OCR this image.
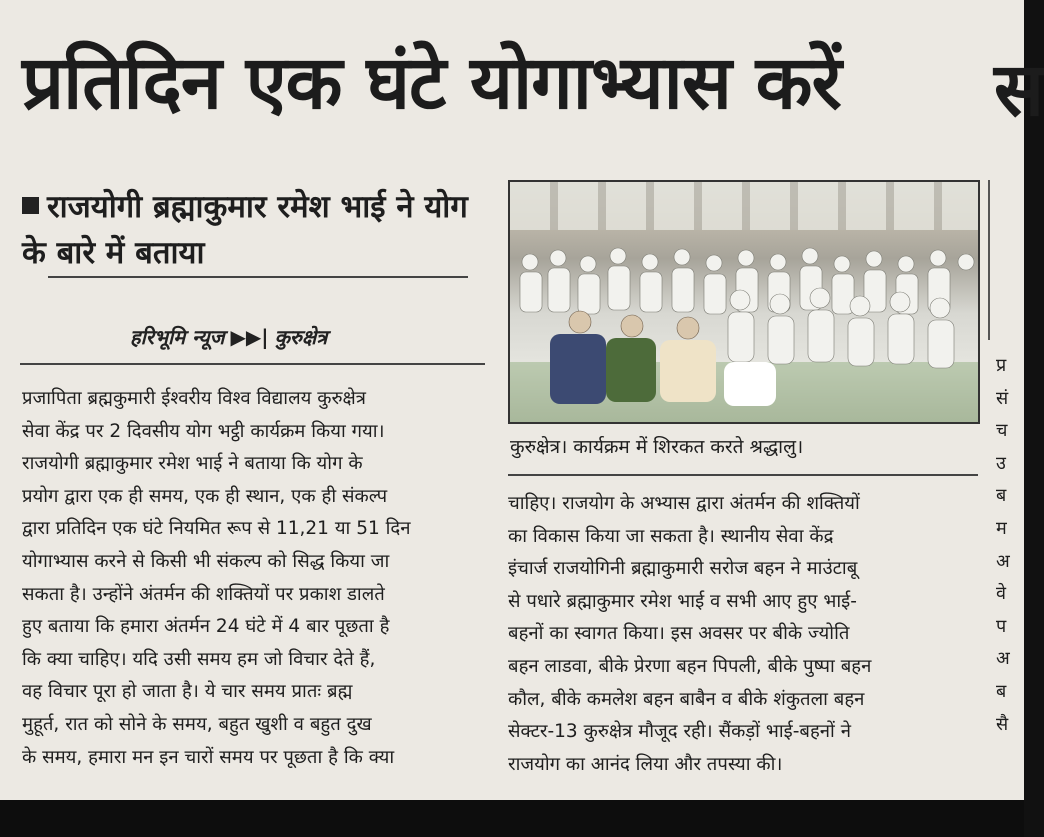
प्रतिदिन एक घंटे योगाभ्यास करें	स
राजयोगी ब्रह्माकुमार रमेश भाई ने योग के बारे में बताया
हरिभूमि न्यूज ▶▶| कुरुक्षेत्र
प्रजापिता ब्रह्मकुमारी ईश्वरीय विश्व विद्यालय कुरुक्षेत्र
सेवा केंद्र पर 2 दिवसीय योग भट्ठी कार्यक्रम किया गया।
राजयोगी ब्रह्माकुमार रमेश भाई ने बताया कि योग के
प्रयोग द्वारा एक ही समय, एक ही स्थान, एक ही संकल्प
द्वारा प्रतिदिन एक घंटे नियमित रूप से 11,21 या 51 दिन
योगाभ्यास करने से किसी भी संकल्प को सिद्ध किया जा
सकता है। उन्होंने अंतर्मन की शक्तियों पर प्रकाश डालते
हुए बताया कि हमारा अंतर्मन 24 घंटे में 4 बार पूछता है
कि क्या चाहिए। यदि उसी समय हम जो विचार देते हैं,
वह विचार पूरा हो जाता है। ये चार समय प्रातः ब्रह्म
मुहूर्त, रात को सोने के समय, बहुत खुशी व बहुत दुख
के समय, हमारा मन इन चारों समय पर पूछता है कि क्या
कुरुक्षेत्र। कार्यक्रम में शिरकत करते श्रद्धालु।
चाहिए। राजयोग के अभ्यास द्वारा अंतर्मन की शक्तियों
का विकास किया जा सकता है। स्थानीय सेवा केंद्र
इंचार्ज राजयोगिनी ब्रह्माकुमारी सरोज बहन ने माउंटाबू
से पधारे ब्रह्माकुमार रमेश भाई व सभी आए हुए भाई-
बहनों का स्वागत किया। इस अवसर पर बीके ज्योति
बहन लाडवा, बीके प्रेरणा बहन पिपली, बीके पुष्पा बहन
कौल, बीके कमलेश बहन बाबैन व बीके शंकुतला बहन
सेक्टर-13 कुरुक्षेत्र मौजूद रही। सैंकड़ों भाई-बहनों ने
राजयोग का आनंद लिया और तपस्या की।
प्र
सं
च
उ
ब
म
अ
वे
प
अ
ब
सै
